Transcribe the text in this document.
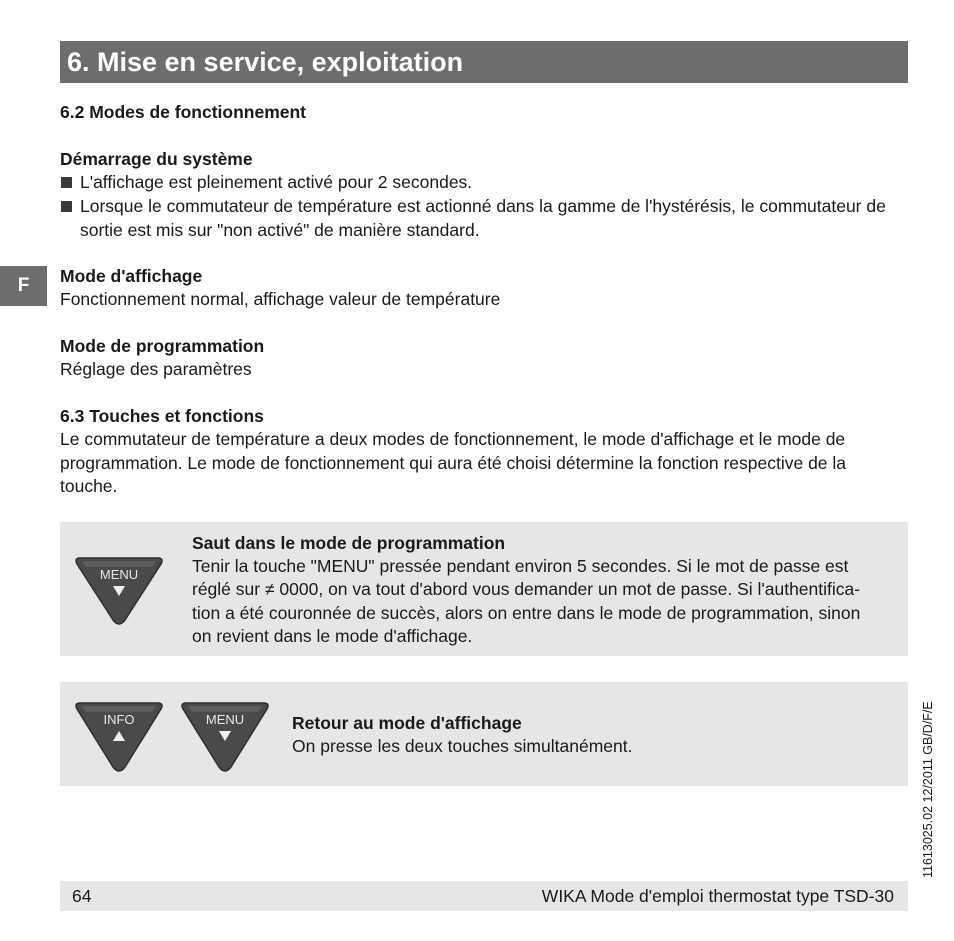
6. Mise en service, exploitation
F
6.2 Modes de fonctionnement
Démarrage du système
L'affichage est pleinement activé pour 2 secondes.
Lorsque le commutateur de température est actionné dans la gamme de l'hystérésis, le commutateur de sortie est mis sur "non activé" de manière standard.
Mode d'affichage
Fonctionnement normal, affichage valeur de température
Mode de programmation
Réglage des paramètres
6.3 Touches et fonctions
Le commutateur de température a deux modes de fonctionnement, le mode d'affichage et le mode de programmation. Le mode de fonctionnement qui aura été choisi détermine la fonction respective de la touche.
MENU
Saut dans le mode de programmation
Tenir la touche "MENU" pressée pendant environ 5 secondes. Si le mot de passe est
réglé sur ≠ 0000, on va tout d'abord vous demander un mot de passe. Si l'authentifica-
tion a été couronnée de succès, alors on entre dans le mode de programmation, sinon
on revient dans le mode d'affichage.
INFO	MENU	Retour au mode d'affichage
On presse les deux touches simultanément.
64	WIKA Mode d'emploi thermostat type TSD-30
11613025.02 12/2011 GB/D/F/E
